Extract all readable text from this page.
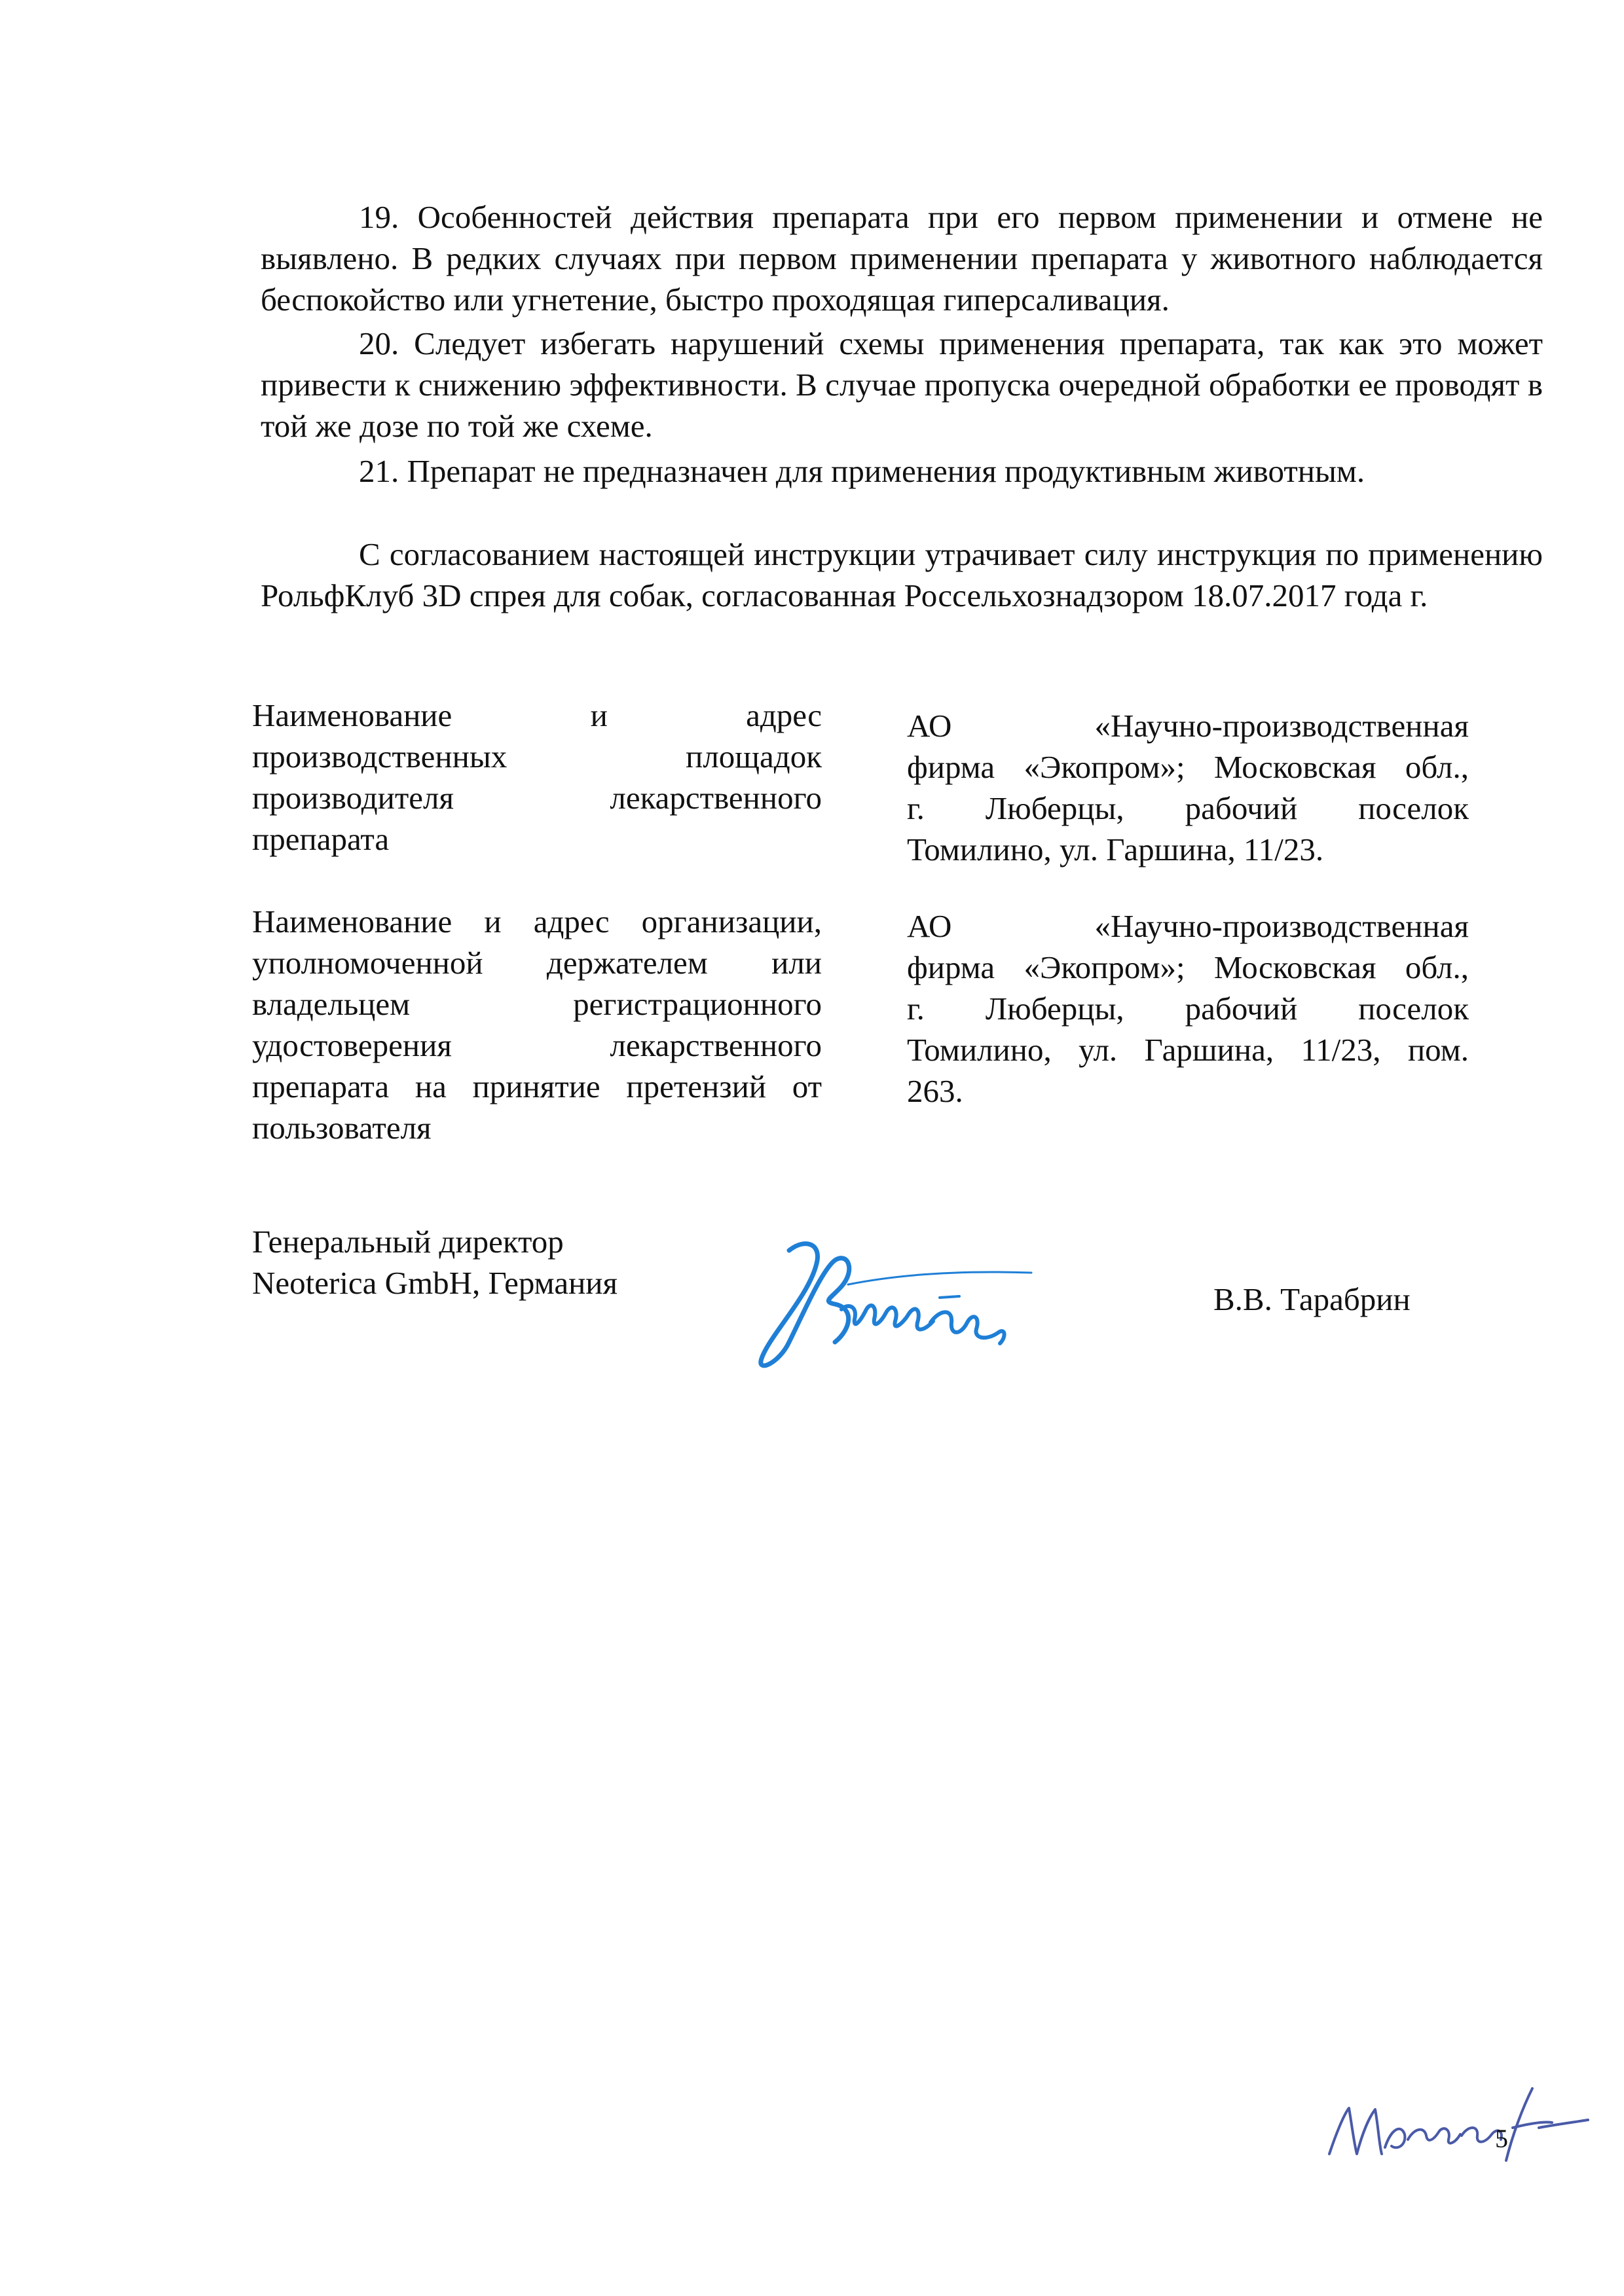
19. Особенностей действия препарата при его первом применении и отмене не выявлено. В редких случаях при первом применении препарата у животного наблюдается беспокойство или угнетение, быстро проходящая гиперсаливация.

20. Следует избегать нарушений схемы применения препарата, так как это может привести к снижению эффективности. В случае пропуска очередной обработки ее проводят в той же дозе по той же схеме.

21. Препарат не предназначен для применения продуктивным животным.

С согласованием настоящей инструкции утрачивает силу инструкция по применению РольфКлуб 3D спрея для собак, согласованная Россельхознадзором 18.07.2017 года г.

Наименование и адрес
производственных площадок
производителя лекарственного
препарата
АО «Научно-производственная
фирма «Экопром»; Московская обл.,
г. Люберцы, рабочий поселок
Томилино, ул. Гаршина, 11/23.
Наименование и адрес организации,
уполномоченной держателем или
владельцем регистрационного
удостоверения лекарственного
препарата на принятие претензий от
пользователя
АО «Научно-производственная
фирма «Экопром»; Московская обл.,
г. Люберцы, рабочий поселок
Томилино, ул. Гаршина, 11/23, пом.
263.
Генеральный директор
Neoterica GmbH, Германия	В.В. Тарабрин
5
